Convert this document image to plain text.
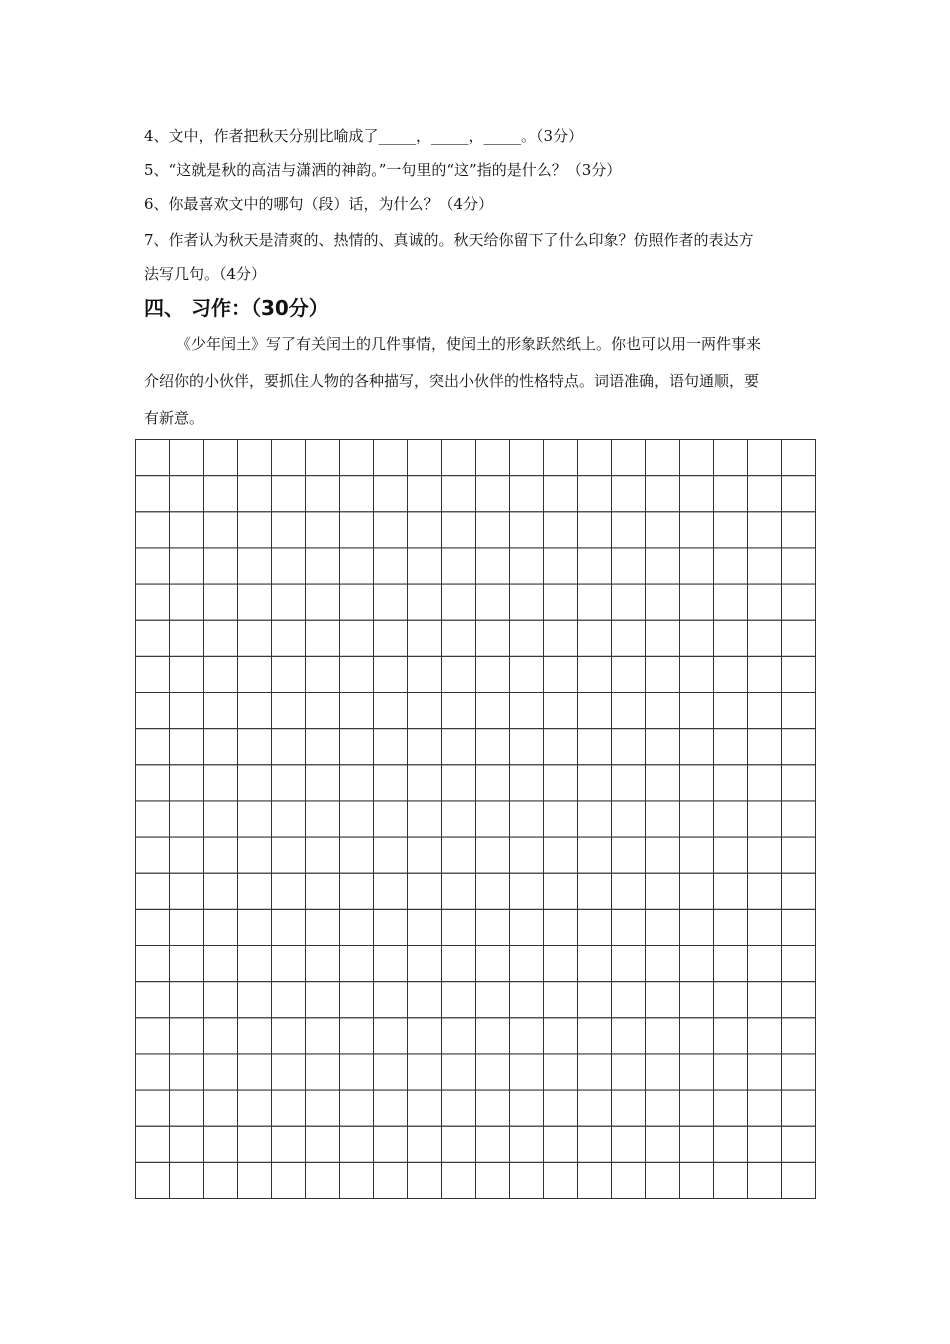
4、文中，作者把秋天分别比喻成了_____，_____，_____。（3分）
5、“这就是秋的高洁与潇洒的神韵。”一句里的“这”指的是什么？（3分）
6、你最喜欢文中的哪句（段）话，为什么？（4分）
7、作者认为秋天是清爽的、热情的、真诚的。秋天给你留下了什么印象？仿照作者的表达方
法写几句。（4分）
四、 习作：（30分）
《少年闰土》写了有关闰土的几件事情，使闰土的形象跃然纸上。你也可以用一两件事来
介绍你的小伙伴，要抓住人物的各种描写，突出小伙伴的性格特点。词语准确，语句通顺，要
有新意。
